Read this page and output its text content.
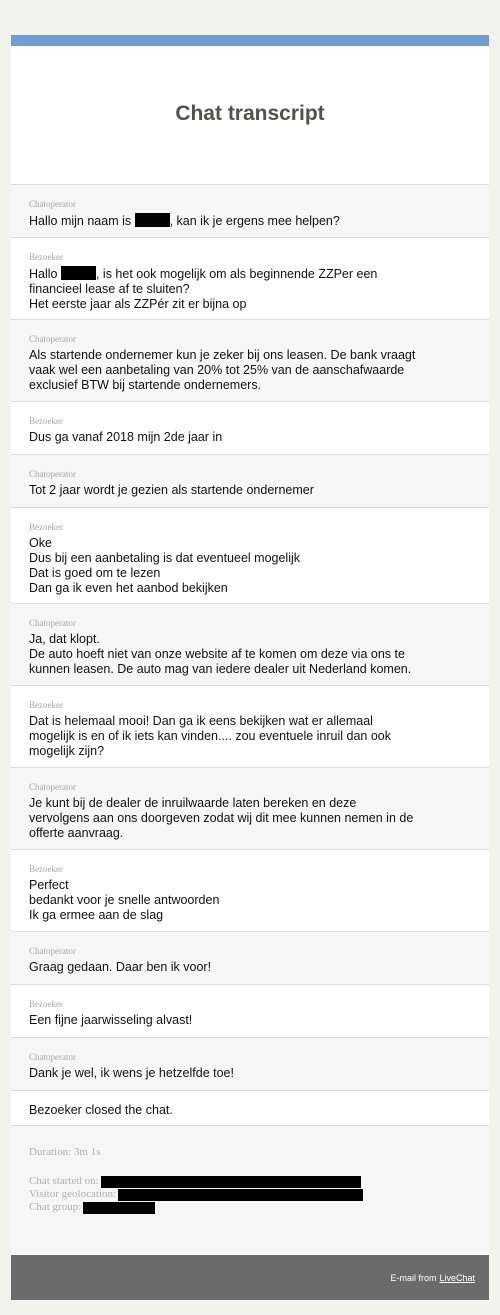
Chat transcript
Chatoperator
Hallo mijn naam is	, kan ik je ergens mee helpen?
Bezoeker
Hallo	, is het ook mogelijk om als beginnende ZZPer een
financieel lease af te sluiten?
Het eerste jaar als ZZPér zit er bijna op
Chatoperator
Als startende ondernemer kun je zeker bij ons leasen. De bank vraagt
vaak wel een aanbetaling van 20% tot 25% van de aanschafwaarde
exclusief BTW bij startende ondernemers.
Bezoeker
Dus ga vanaf 2018 mijn 2de jaar in
Chatoperator
Tot 2 jaar wordt je gezien als startende ondernemer
Bezoeker
Oke
Dus bij een aanbetaling is dat eventueel mogelijk
Dat is goed om te lezen
Dan ga ik even het aanbod bekijken
Chatoperator
Ja, dat klopt.
De auto hoeft niet van onze website af te komen om deze via ons te
kunnen leasen. De auto mag van iedere dealer uit Nederland komen.
Bezoeker
Dat is helemaal mooi! Dan ga ik eens bekijken wat er allemaal
mogelijk is en of ik iets kan vinden.... zou eventuele inruil dan ook
mogelijk zijn?
Chatoperator
Je kunt bij de dealer de inruilwaarde laten bereken en deze
vervolgens aan ons doorgeven zodat wij dit mee kunnen nemen in de
offerte aanvraag.
Bezoeker
Perfect
bedankt voor je snelle antwoorden
Ik ga ermee aan de slag
Chatoperator
Graag gedaan. Daar ben ik voor!
Bezoeker
Een fijne jaarwisseling alvast!
Chatoperator
Dank je wel, ik wens je hetzelfde toe!
Bezoeker closed the chat.
Duration: 3m 1s
Chat started on:
Visitor geolocation:
Chat group:
E-mail from LiveChat
